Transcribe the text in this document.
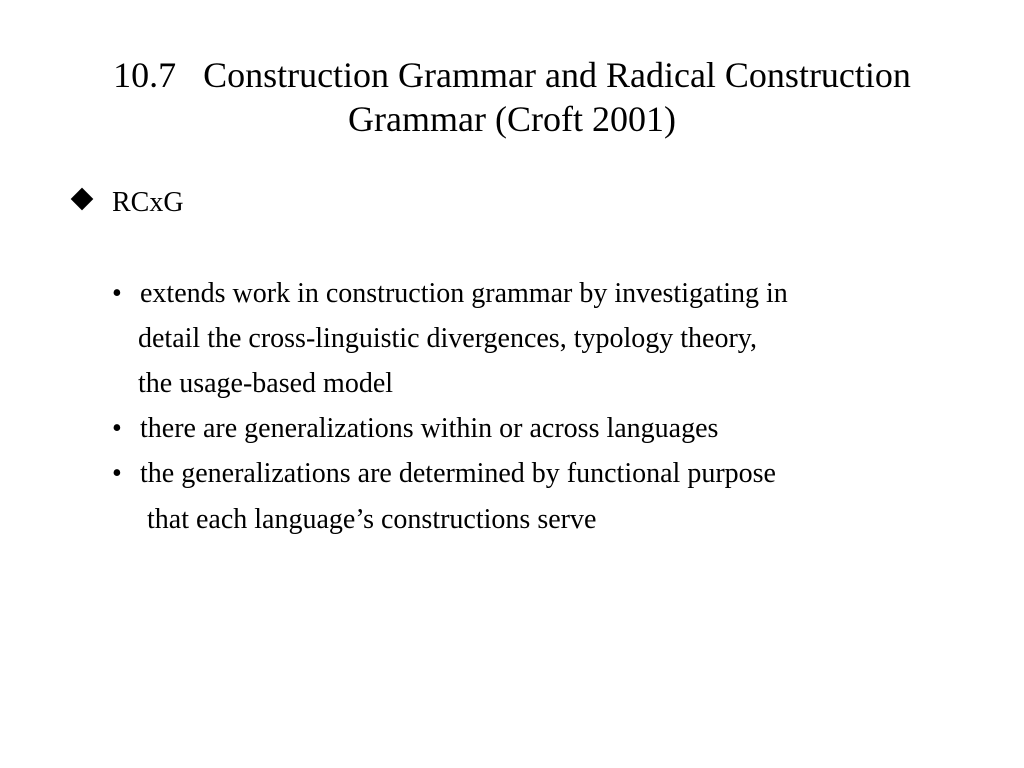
10.7   Construction Grammar and Radical Construction
Grammar (Croft 2001)
RCxG
• extends work in construction grammar by investigating in
detail the cross-linguistic divergences, typology theory,
the usage-based model
• there are generalizations within or across languages
• the generalizations are determined by functional purpose
that each language’s constructions serve
